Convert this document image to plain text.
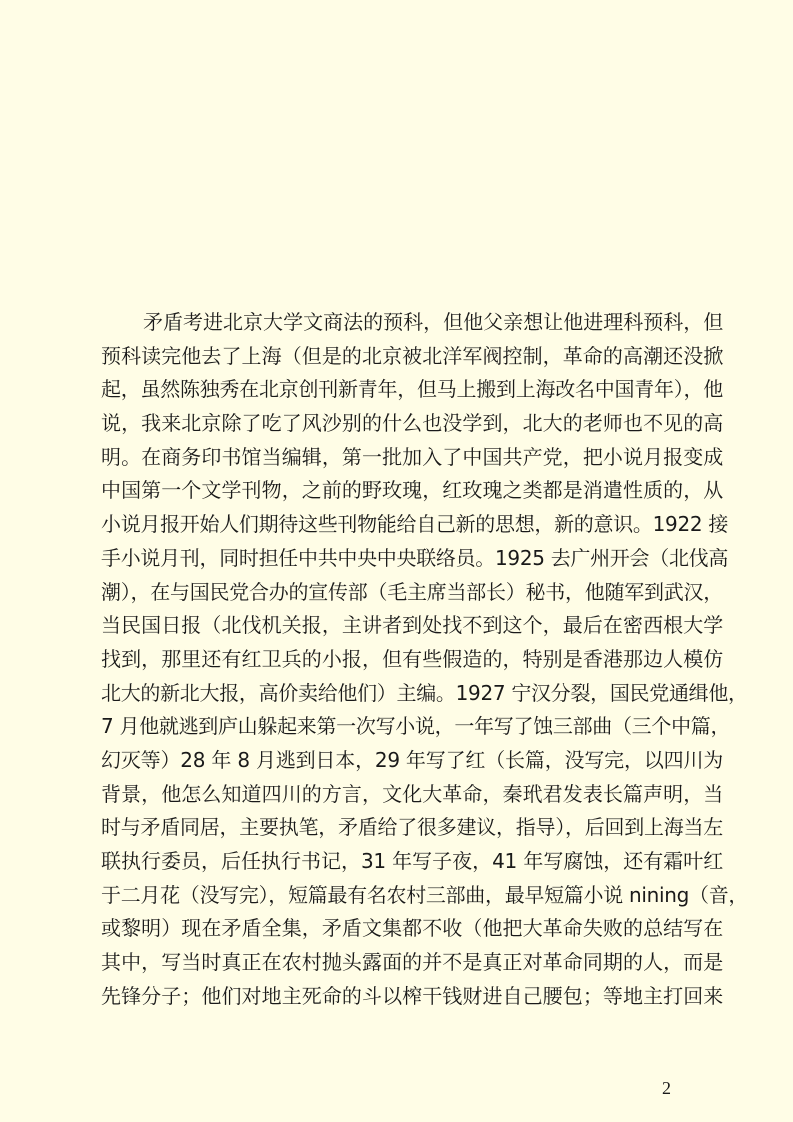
矛盾考进北京大学文商法的预科，但他父亲想让他进理科预科，但
预科读完他去了上海（但是的北京被北洋军阀控制，革命的高潮还没掀
起，虽然陈独秀在北京创刊新青年，但马上搬到上海改名中国青年），他
说，我来北京除了吃了风沙别的什么也没学到，北大的老师也不见的高
明。在商务印书馆当编辑，第一批加入了中国共产党，把小说月报变成
中国第一个文学刊物，之前的野玫瑰，红玫瑰之类都是消遣性质的，从
小说月报开始人们期待这些刊物能给自己新的思想，新的意识。1922 接
手小说月刊，同时担任中共中央中央联络员。1925 去广州开会（北伐高
潮），在与国民党合办的宣传部（毛主席当部长）秘书，他随军到武汉，
当民国日报（北伐机关报，主讲者到处找不到这个，最后在密西根大学
找到，那里还有红卫兵的小报，但有些假造的，特别是香港那边人模仿
北大的新北大报，高价卖给他们）主编。1927 宁汉分裂，国民党通缉他，
7 月他就逃到庐山躲起来第一次写小说，一年写了蚀三部曲（三个中篇，
幻灭等）28 年 8 月逃到日本，29 年写了红（长篇，没写完，以四川为
背景，他怎么知道四川的方言，文化大革命，秦玳君发表长篇声明，当
时与矛盾同居，主要执笔，矛盾给了很多建议，指导），后回到上海当左
联执行委员，后任执行书记，31 年写子夜，41 年写腐蚀，还有霜叶红
于二月花（没写完），短篇最有名农村三部曲，最早短篇小说 nining（音，
或黎明）现在矛盾全集，矛盾文集都不收（他把大革命失败的总结写在
其中，写当时真正在农村抛头露面的并不是真正对革命同期的人，而是
先锋分子；他们对地主死命的斗以榨干钱财进自己腰包；等地主打回来
2
